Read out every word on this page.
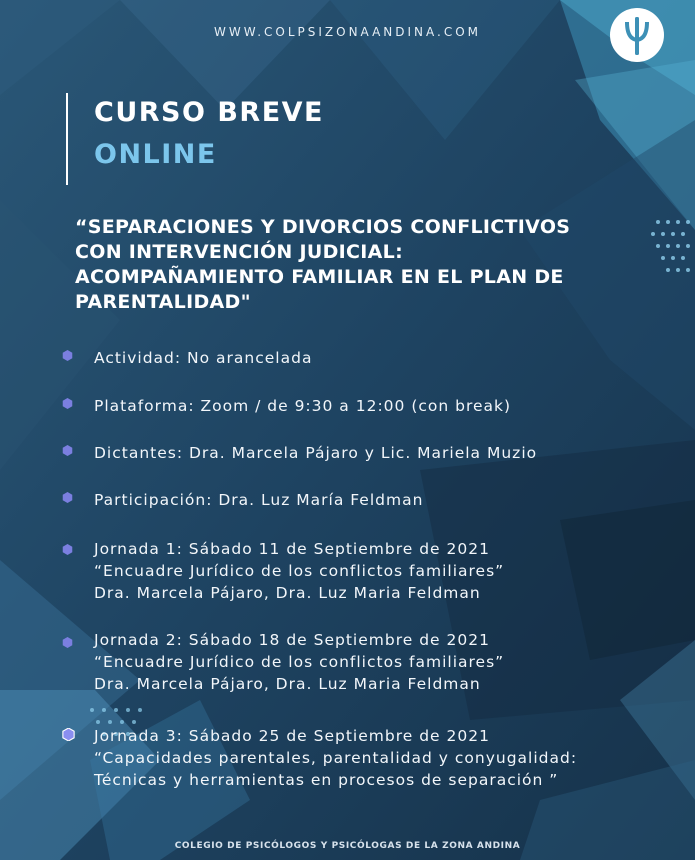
WWW.COLPSIZONAANDINA.COM
CURSO BREVE
ONLINE
“SEPARACIONES Y DIVORCIOS CONFLICTIVOS
CON INTERVENCIÓN JUDICIAL:
ACOMPAÑAMIENTO FAMILIAR EN EL PLAN DE
PARENTALIDAD"
Actividad: No arancelada
Plataforma: Zoom / de 9:30 a 12:00 (con break)
Dictantes: Dra. Marcela Pájaro y Lic. Mariela Muzio
Participación: Dra. Luz María Feldman
Jornada 1: Sábado 11 de Septiembre de 2021
“Encuadre Jurídico de los conflictos familiares”
Dra. Marcela Pájaro, Dra. Luz Maria Feldman
Jornada 2: Sábado 18 de Septiembre de 2021
“Encuadre Jurídico de los conflictos familiares”
Dra. Marcela Pájaro, Dra. Luz Maria Feldman
Jornada 3: Sábado 25 de Septiembre de 2021
“Capacidades parentales, parentalidad y conyugalidad:
Técnicas y herramientas en procesos de separación ”
COLEGIO DE PSICÓLOGOS Y PSICÓLOGAS DE LA ZONA ANDINA
